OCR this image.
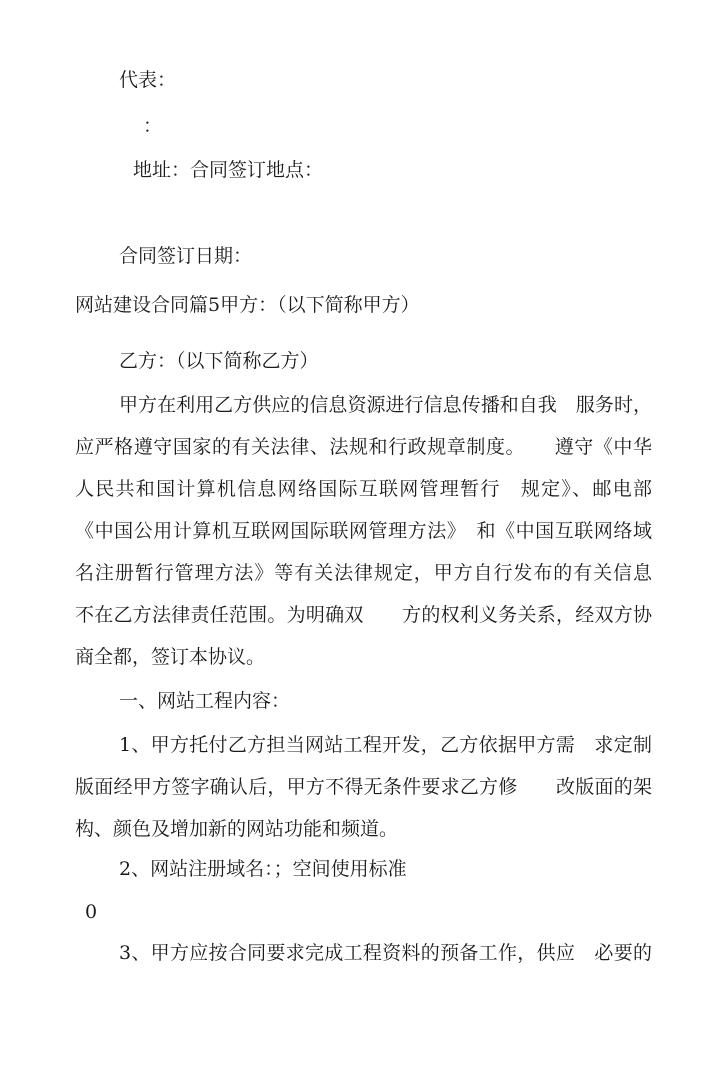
代表：
：
地址：合同签订地点：
合同签订日期：
网站建设合同篇5甲方：（以下简称甲方）
乙方：（以下简称乙方）
甲方在利用乙方供应的信息资源进行信息传播和自我　服务时，
应严格遵守国家的有关法律、法规和行政规章制度。　　遵守《中华
人民共和国计算机信息网络国际互联网管理暂行　规定》、邮电部
《中国公用计算机互联网国际联网管理方法》　和《中国互联网络域
名注册暂行管理方法》等有关法律规定，甲方自行发布的有关信息
不在乙方法律责任范围。为明确双　　方的权利义务关系，经双方协
商全都，签订本协议。
一、网站工程内容：
1、甲方托付乙方担当网站工程开发，乙方依据甲方需　求定制
版面经甲方签字确认后，甲方不得无条件要求乙方修　　改版面的架
构、颜色及增加新的网站功能和频道。
2、网站注册域名：；空间使用标准
0
3、甲方应按合同要求完成工程资料的预备工作，供应　必要的
